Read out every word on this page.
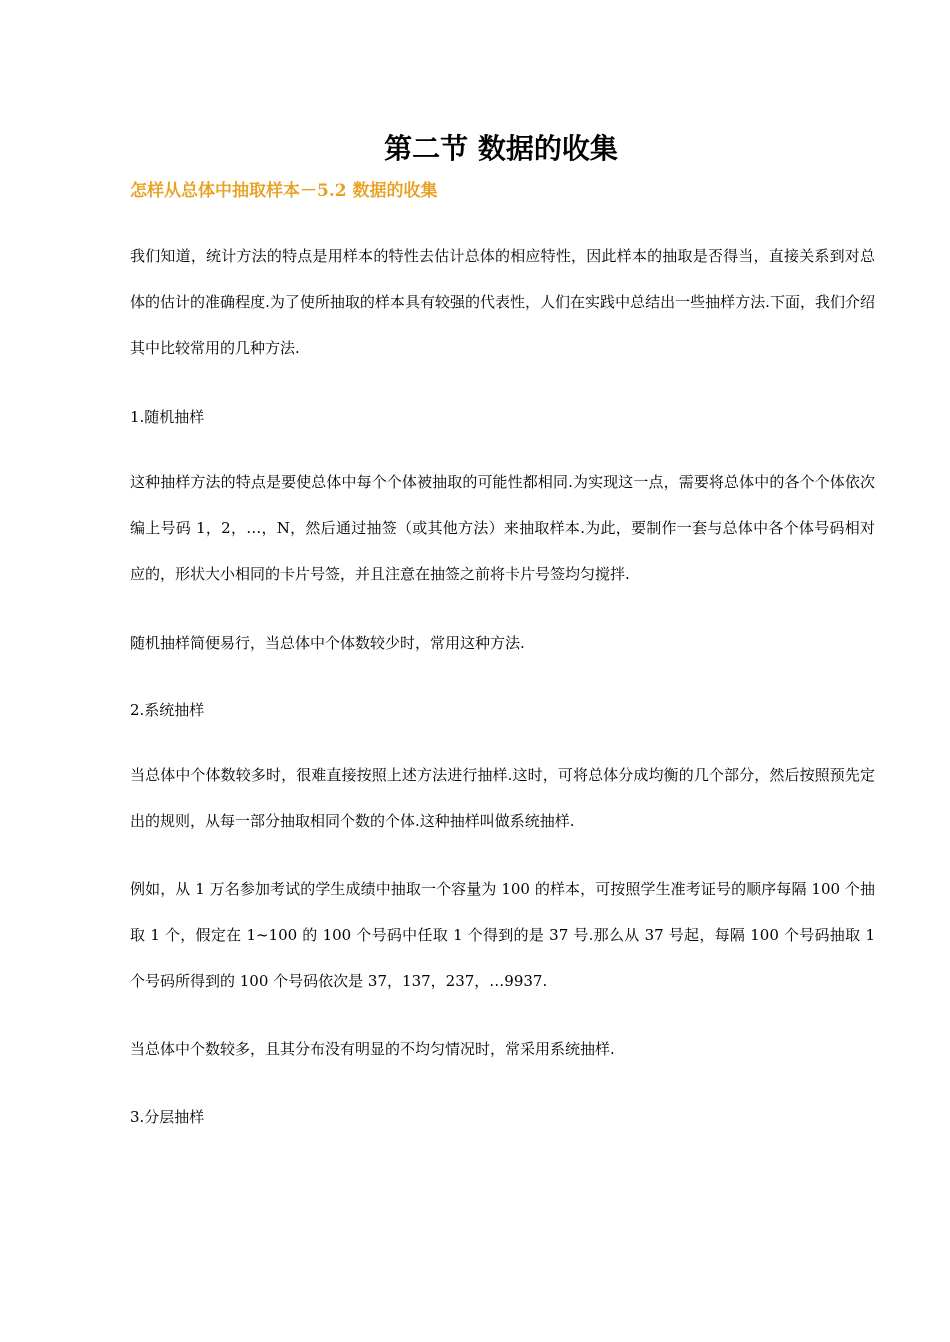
第二节 数据的收集
怎样从总体中抽取样本－5.2 数据的收集

我们知道，统计方法的特点是用样本的特性去估计总体的相应特性，因此样本的抽取是否得当，直接关系到对总体的估计的准确程度.为了使所抽取的样本具有较强的代表性，人们在实践中总结出一些抽样方法.下面，我们介绍其中比较常用的几种方法.

1.随机抽样

这种抽样方法的特点是要使总体中每个个体被抽取的可能性都相同.为实现这一点，需要将总体中的各个个体依次编上号码 1，2，…，N，然后通过抽签（或其他方法）来抽取样本.为此，要制作一套与总体中各个体号码相对应的，形状大小相同的卡片号签，并且注意在抽签之前将卡片号签均匀搅拌.

随机抽样简便易行，当总体中个体数较少时，常用这种方法.

2.系统抽样

当总体中个体数较多时，很难直接按照上述方法进行抽样.这时，可将总体分成均衡的几个部分，然后按照预先定出的规则，从每一部分抽取相同个数的个体.这种抽样叫做系统抽样.

例如，从 1 万名参加考试的学生成绩中抽取一个容量为 100 的样本，可按照学生准考证号的顺序每隔 100 个抽取 1 个，假定在 1~100 的 100 个号码中任取 1 个得到的是 37 号.那么从 37 号起，每隔 100 个号码抽取 1 个号码所得到的 100 个号码依次是 37，137，237，…9937.

当总体中个数较多，且其分布没有明显的不均匀情况时，常采用系统抽样.

3.分层抽样
